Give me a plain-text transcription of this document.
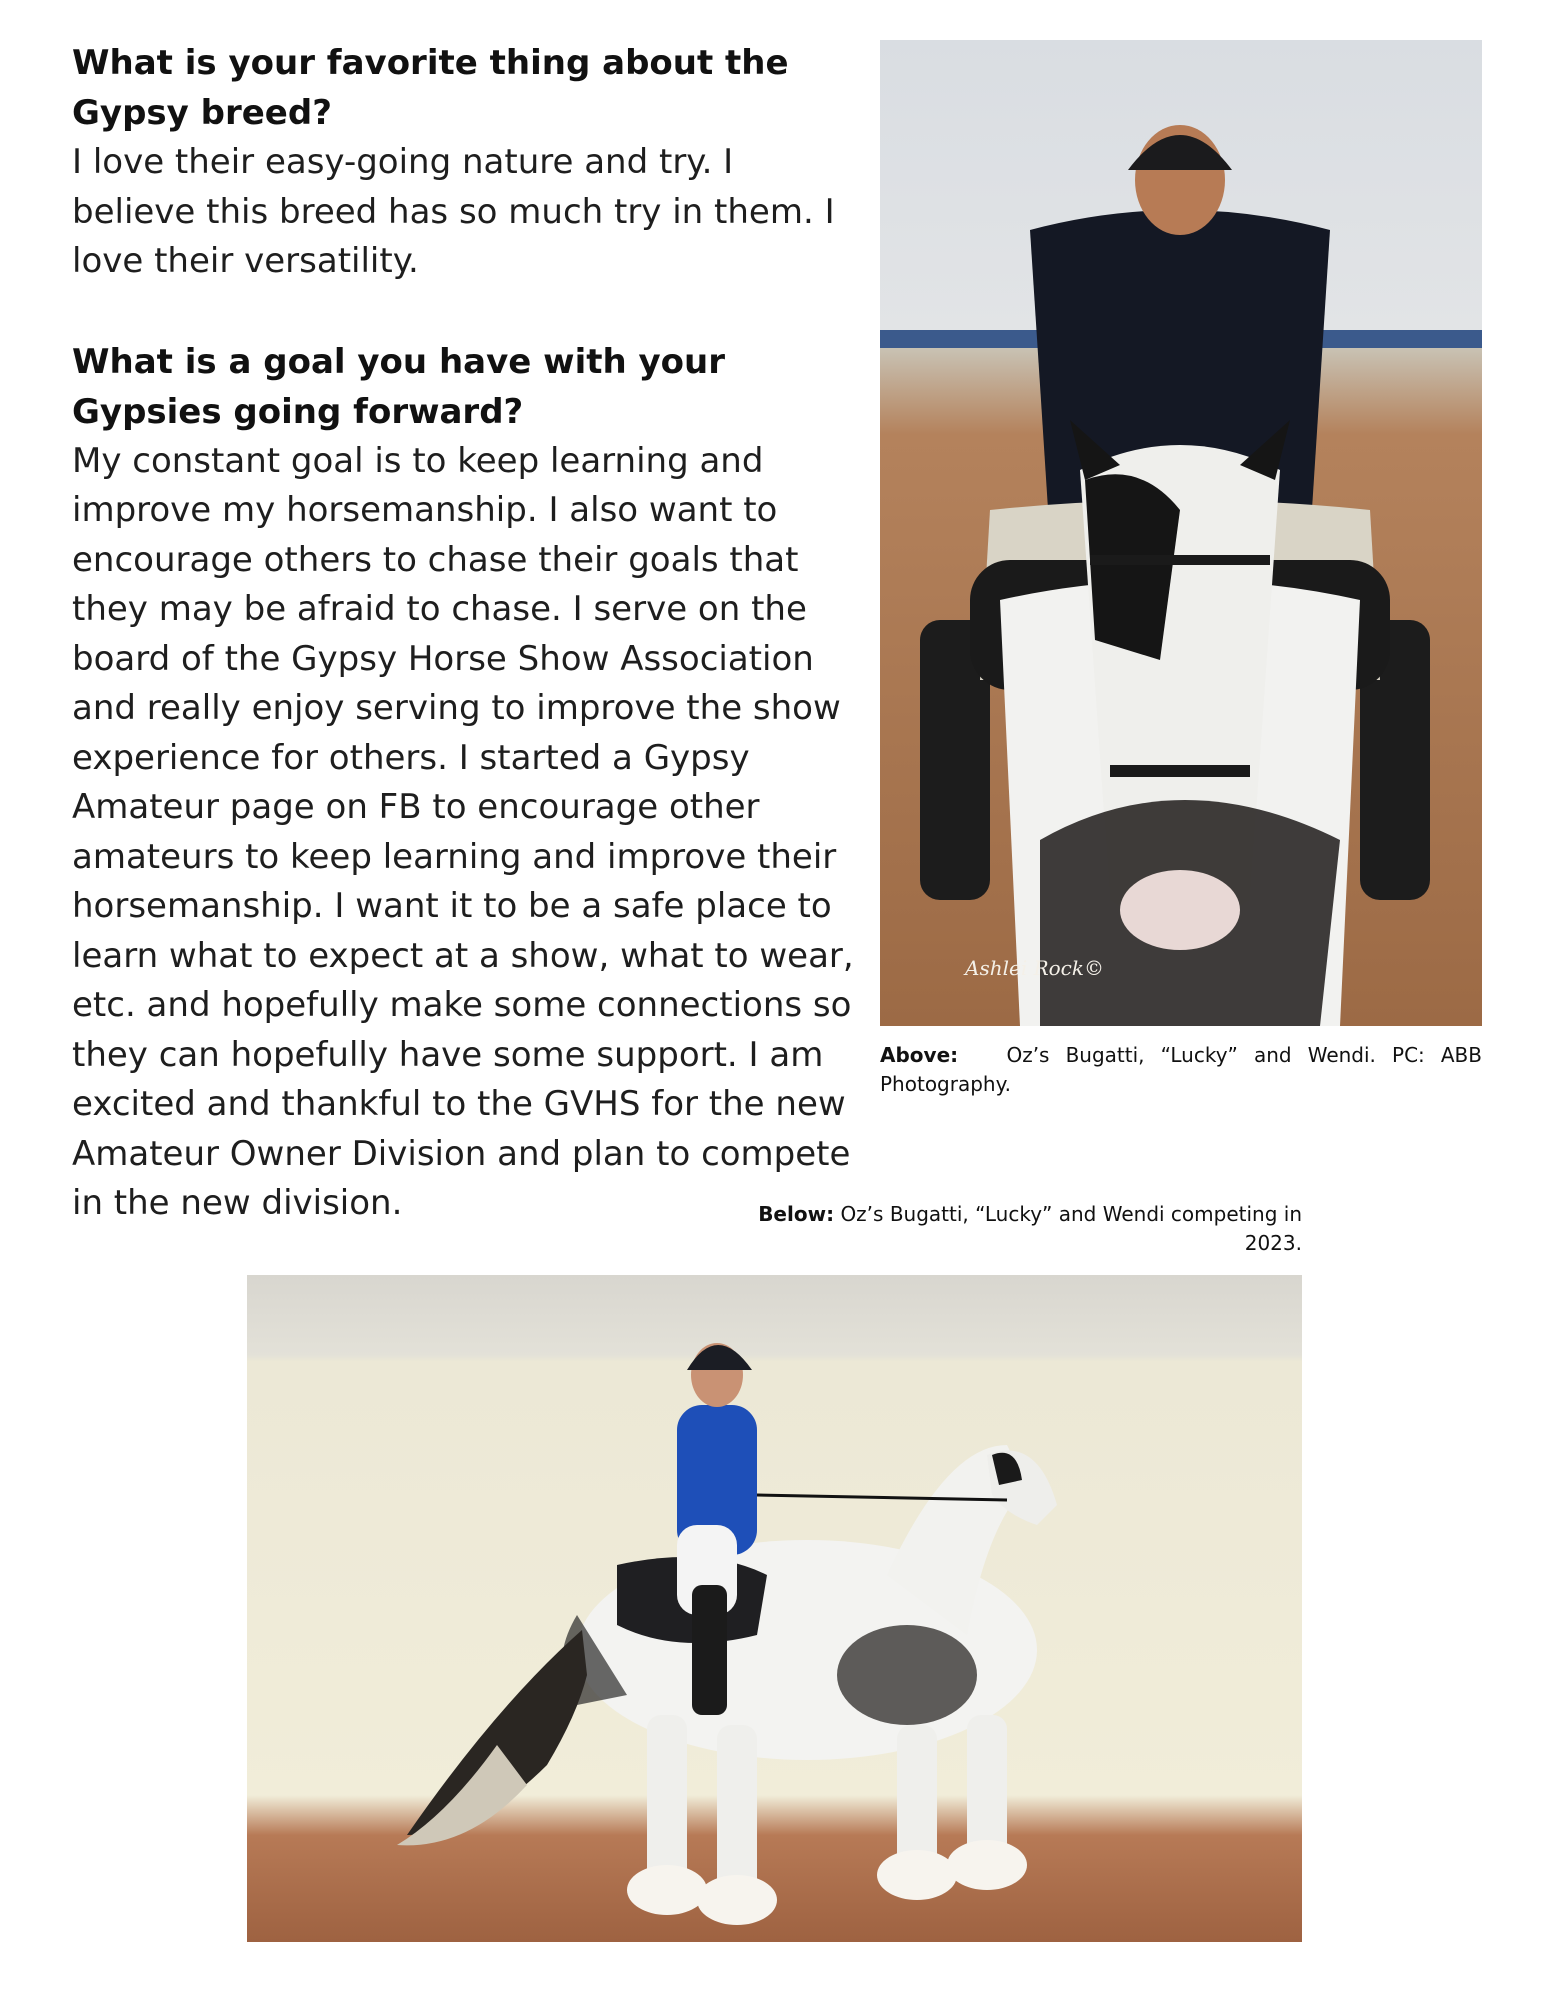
What is your favorite thing about the Gypsy breed?

I love their easy-going nature and try. I believe this breed has so much try in them. I love their versatility.

What is a goal you have with your Gypsies going forward?

My constant goal is to keep learning and improve my horsemanship. I also want to encourage others to chase their goals that they may be afraid to chase. I serve on the board of the Gypsy Horse Show Association and really enjoy serving to improve the show experience for others. I started a Gypsy Amateur page on FB to encourage other amateurs to keep learning and improve their horsemanship. I want it to be a safe place to learn what to expect at a show, what to wear, etc. and hopefully make some connections so they can hopefully have some support. I am excited and thankful to the GVHS for the new Amateur Owner Division and plan to compete in the new division.

Ashlei Rock©
Above: Oz’s Bugatti, “Lucky” and Wendi. PC: ABB Photography.
Below: Oz’s Bugatti, “Lucky” and Wendi competing in 2023.
